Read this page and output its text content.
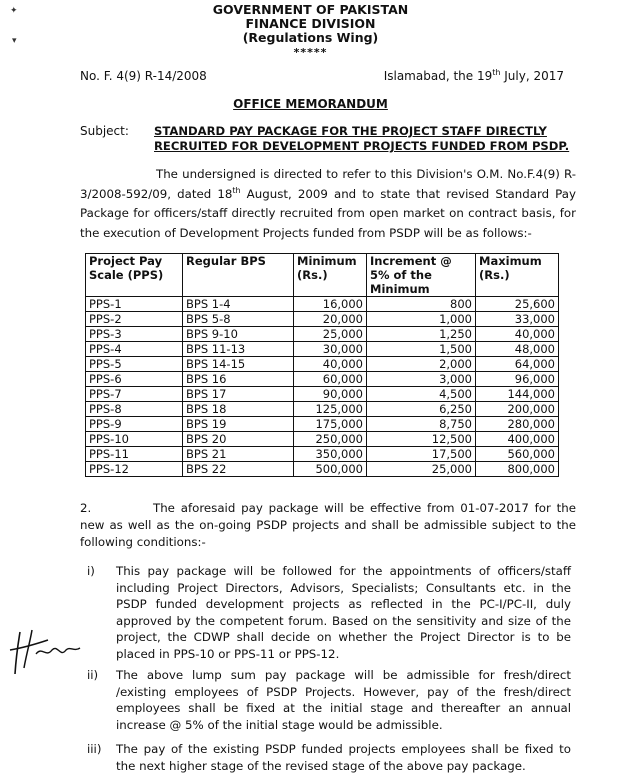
✦
▾
GOVERNMENT OF PAKISTAN
FINANCE DIVISION
(Regulations Wing)
*****
No. F. 4(9) R-14/2008	Islamabad, the 19th July, 2017
OFFICE MEMORANDUM
Subject: STANDARD PAY PACKAGE FOR THE PROJECT STAFF DIRECTLY RECRUITED FOR DEVELOPMENT PROJECTS FUNDED FROM PSDP.
The undersigned is directed to refer to this Division's O.M. No.F.4(9) R-3/2008-592/09, dated 18th August, 2009 and to state that revised Standard Pay Package for officers/staff directly recruited from open market on contract basis, for the execution of Development Projects funded from PSDP will be as follows:-
Project Pay Scale (PPS)	Regular BPS	Minimum (Rs.)	Increment @ 5% of the Minimum	Maximum (Rs.)
PPS-1	BPS 1-4	16,000	800	25,600
PPS-2	BPS 5-8	20,000	1,000	33,000
PPS-3	BPS 9-10	25,000	1,250	40,000
PPS-4	BPS 11-13	30,000	1,500	48,000
PPS-5	BPS 14-15	40,000	2,000	64,000
PPS-6	BPS 16	60,000	3,000	96,000
PPS-7	BPS 17	90,000	4,500	144,000
PPS-8	BPS 18	125,000	6,250	200,000
PPS-9	BPS 19	175,000	8,750	280,000
PPS-10	BPS 20	250,000	12,500	400,000
PPS-11	BPS 21	350,000	17,500	560,000
PPS-12	BPS 22	500,000	25,000	800,000
2.	The aforesaid pay package will be effective from 01-07-2017 for the new as well as the on-going PSDP projects and shall be admissible subject to the following conditions:-
i) This pay package will be followed for the appointments of officers/staff including Project Directors, Advisors, Specialists; Consultants etc. in the PSDP funded development projects as reflected in the PC-I/PC-II, duly approved by the competent forum. Based on the sensitivity and size of the project, the CDWP shall decide on whether the Project Director is to be placed in PPS-10 or PPS-11 or PPS-12.
ii) The above lump sum pay package will be admissible for fresh/direct /existing employees of PSDP Projects. However, pay of the fresh/direct employees shall be fixed at the initial stage and thereafter an annual increase @ 5% of the initial stage would be admissible.
iii) The pay of the existing PSDP funded projects employees shall be fixed to the next higher stage of the revised stage of the above pay package.
